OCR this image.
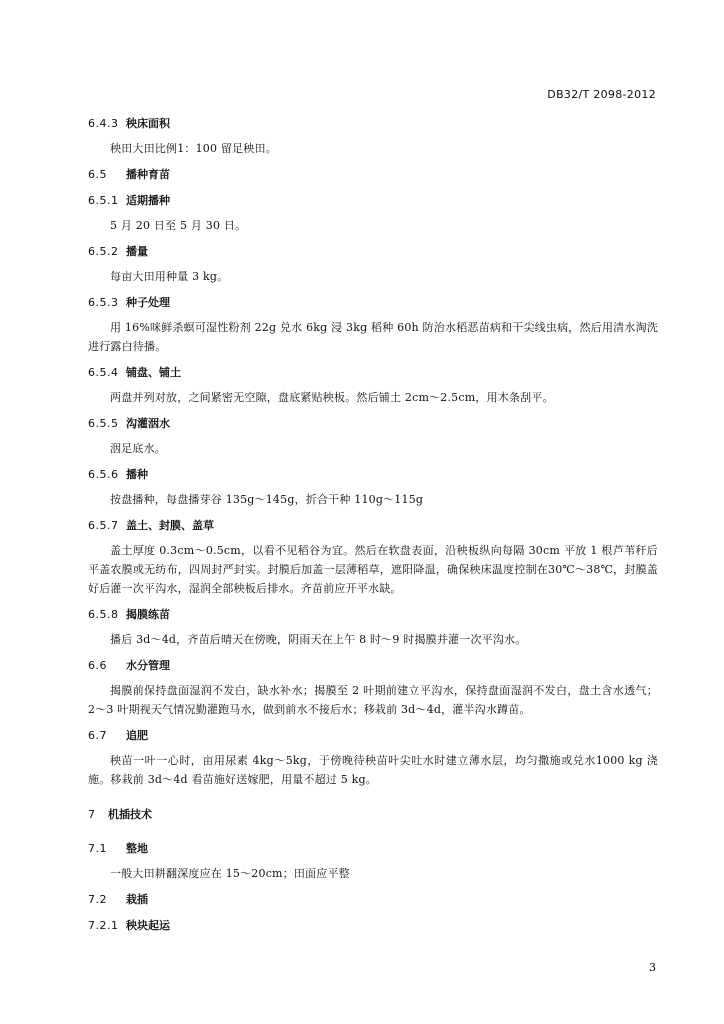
DB32/T 2098-2012
6.4.3 秧床面积

秧田大田比例1：100 留足秧田。

6.5 播种育苗
6.5.1 适期播种

5 月 20 日至 5 月 30 日。

6.5.2 播量

每亩大田用种量 3 kg。

6.5.3 种子处理

用 16%咪鲜杀螟可湿性粉剂 22g 兑水 6kg 浸 3kg 稻种 60h 防治水稻恶苗病和干尖线虫病，然后用清水淘洗进行露白待播。

6.5.4 铺盘、铺土

两盘并列对放，之间紧密无空隙，盘底紧贴秧板。然后铺土 2cm～2.5cm，用木条刮平。

6.5.5 沟灌洇水

洇足底水。

6.5.6 播种

按盘播种，每盘播芽谷 135g～145g，折合干种 110g～115g

6.5.7 盖土、封膜、盖草

盖土厚度 0.3cm～0.5cm，以看不见稻谷为宜。然后在软盘表面，沿秧板纵向每隔 30cm 平放 1 根芦苇秆后平盖农膜或无纺布，四周封严封实。封膜后加盖一层薄稻草，遮阳降温，确保秧床温度控制在30℃～38℃，封膜盖好后灌一次平沟水，湿润全部秧板后排水。齐苗前应开平水缺。

6.5.8 揭膜练苗

播后 3d～4d，齐苗后晴天在傍晚，阴雨天在上午 8 时～9 时揭膜并灌一次平沟水。

6.6 水分管理

揭膜前保持盘面湿润不发白，缺水补水；揭膜至 2 叶期前建立平沟水，保持盘面湿润不发白，盘土含水透气；2～3 叶期视天气情况勤灌跑马水，做到前水不接后水；移栽前 3d～4d，灌半沟水蹲苗。

6.7 追肥

秧苗一叶一心时，亩用尿素 4kg～5kg，于傍晚待秧苗叶尖吐水时建立薄水层，均匀撒施或兑水1000 kg 浇施。移栽前 3d～4d 看苗施好送嫁肥，用量不超过 5 kg。

7 机插技术
7.1 整地

一般大田耕翻深度应在 15～20cm；田面应平整

7.2 栽插
7.2.1 秧块起运
3
